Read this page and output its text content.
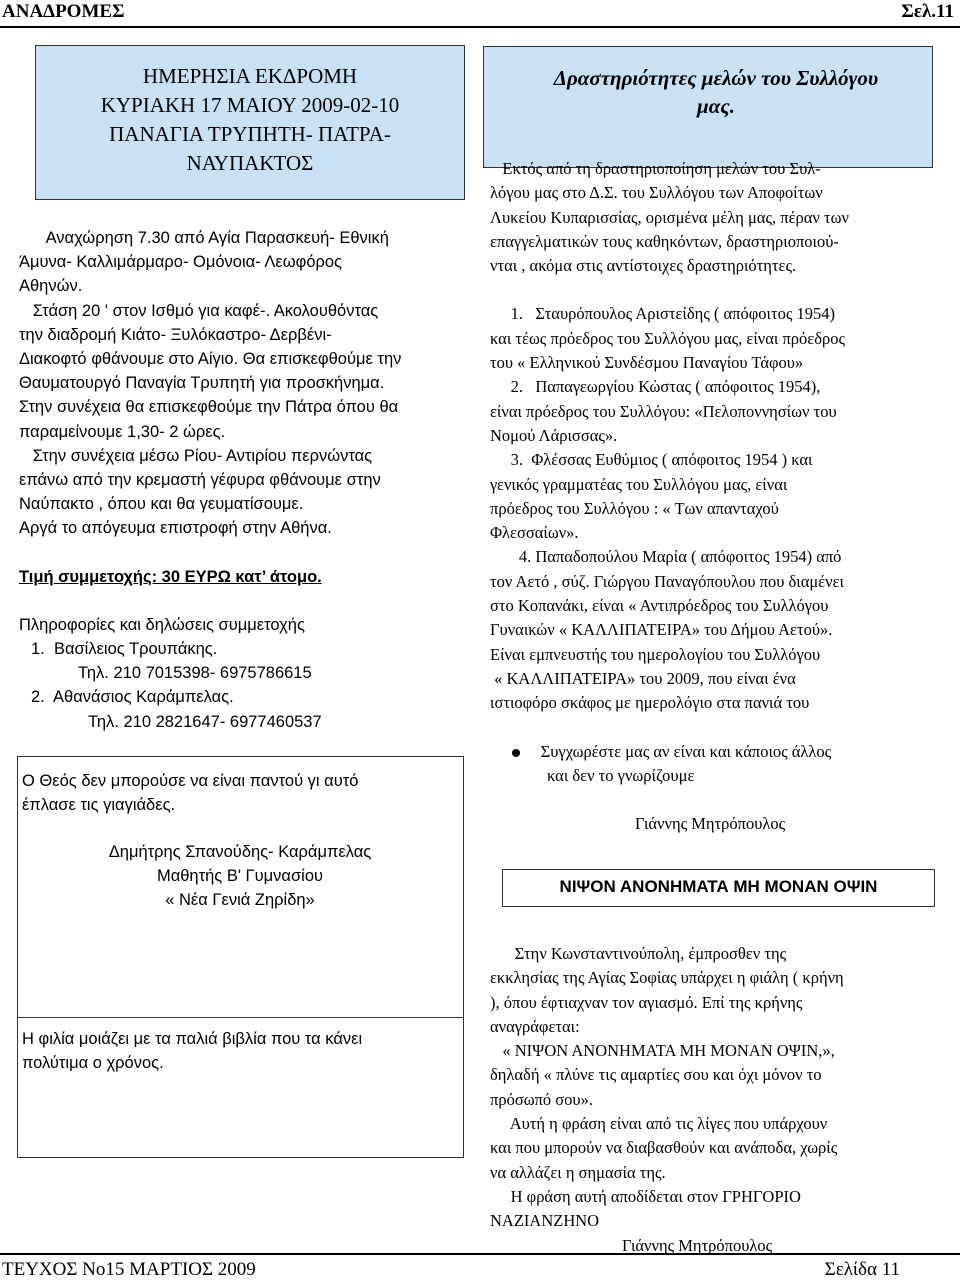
ΑΝΑΔΡΟΜΕΣ	Σελ.11
ΤΕΥΧΟΣ Νο15 ΜΑΡΤΙΟΣ 2009	Σελίδα 11
ΗΜΕΡΗΣΙΑ ΕΚΔΡΟΜΗ
ΚΥΡΙΑΚΗ 17 ΜΑΙΟΥ 2009-02-10
ΠΑΝΑΓΙΑ ΤΡΥΠΗΤΗ- ΠΑΤΡΑ-
ΝΑΥΠΑΚΤΟΣ

Αναχώρηση 7.30 από Αγία Παρασκευή- Εθνική

Άμυνα- Καλλιμάρμαρο- Ομόνοια- Λεωφόρος

Αθηνών.

Στάση 20 ' στον Ισθμό για καφέ-. Ακολουθόντας

την διαδρομή Κιάτο- Ξυλόκαστρο- Δερβένι-

Διακοφτό φθάνουμε στο Αίγιο. Θα επισκεφθούμε την

Θαυματουργό Παναγία Τρυπητή για προσκήνημα.

Στην συνέχεια θα επισκεφθούμε την Πάτρα όπου θα

παραμείνουμε 1,30- 2 ώρες.

Στην συνέχεια μέσω Ρίου- Αντιρίου περνώντας

επάνω από την κρεμαστή γέφυρα φθάνουμε στην

Ναύπακτο , όπου και θα γευματίσουμε.

Αργά το απόγευμα επιστροφή στην Αθήνα.

Τιμή συμμετοχής: 30 ΕΥΡΩ κατ’ άτομο.

Πληροφορίες και δηλώσεις συμμετοχής

1. Βασίλειος Τρουπάκης.

Τηλ. 210 7015398- 6975786615

2. Αθανάσιος Καράμπελας.

Τηλ. 210 2821647- 6977460537

Ο Θεός δεν μπορούσε να είναι παντού γι αυτό
έπλασε τις γιαγιάδες.
Δημήτρης Σπανούδης- Καράμπελας
Μαθητής Β' Γυμνασίου
« Νέα Γενιά Ζηρίδη»
Η φιλία μοιάζει με τα παλιά βιβλία που τα κάνει
πολύτιμα ο χρόνος.
Δραστηριότητες μελών του Συλλόγου
μας.

Εκτός από τη δραστηριοποίηση μελών του Συλ-

λόγου μας στο Δ.Σ. του Συλλόγου των Αποφοίτων

Λυκείου Κυπαρισσίας, ορισμένα μέλη μας, πέραν των

επαγγελματικών τους καθηκόντων, δραστηριοποιού-

νται , ακόμα στις αντίστοιχες δραστηριότητες.

1.   Σταυρόπουλος Αριστείδης ( απόφοιτος 1954)

και τέως πρόεδρος του Συλλόγου μας, είναι πρόεδρος

του « Ελληνικού Συνδέσμου Παναγίου Τάφου»

2.   Παπαγεωργίου Κώστας ( απόφοιτος 1954),

είναι πρόεδρος του Συλλόγου: «Πελοποννησίων του

Νομού Λάρισσας».

3.  Φλέσσας Ευθύμιος ( απόφοιτος 1954 ) και

γενικός γραμματέας του Συλλόγου μας, είναι

πρόεδρος του Συλλόγου : « Των απανταχού

Φλεσσαίων».

4. Παπαδοπούλου Μαρία ( απόφοιτος 1954) από

τον Αετό , σύζ. Γιώργου Παναγόπουλου που διαμένει

στο Κοπανάκι, είναι « Αντιπρόεδρος του Συλλόγου

Γυναικών « ΚΑΛΛΙΠΑΤΕΙΡΑ» του Δήμου Αετού».

Είναι εμπνευστής του ημερολογίου του Συλλόγου

« ΚΑΛΛΙΠΑΤΕΙΡΑ» του 2009, που είναι ένα

ιστιοφόρο σκάφος με ημερολόγιο στα πανιά του

Συγχωρέστε μας αν είναι και κάποιος άλλος

και δεν το γνωρίζουμε

Γιάννης Μητρόπουλος

ΝΙΨΟΝ ΑΝΟΝΗΜΑΤΑ ΜΗ ΜΟΝΑΝ ΟΨΙΝ

Στην Κωνσταντινούπολη, έμπροσθεν της

εκκλησίας της Αγίας Σοφίας υπάρχει η φιάλη ( κρήνη

), όπου έφτιαχναν τον αγιασμό. Επί της κρήνης

αναγράφεται:

« ΝΙΨΟΝ ΑΝΟΝΗΜΑΤΑ ΜΗ ΜΟΝΑΝ ΟΨΙΝ,»,

δηλαδή « πλύνε τις αμαρτίες σου και όχι μόνον το

πρόσωπό σου».

Αυτή η φράση είναι από τις λίγες που υπάρχουν

και που μπορούν να διαβασθούν και ανάποδα, χωρίς

να αλλάζει η σημασία της.

Η φράση αυτή αποδίδεται στον ΓΡΗΓΟΡΙΟ

ΝΑΖΙΑΝΖΗΝΟ

Γιάννης Μητρόπουλος
